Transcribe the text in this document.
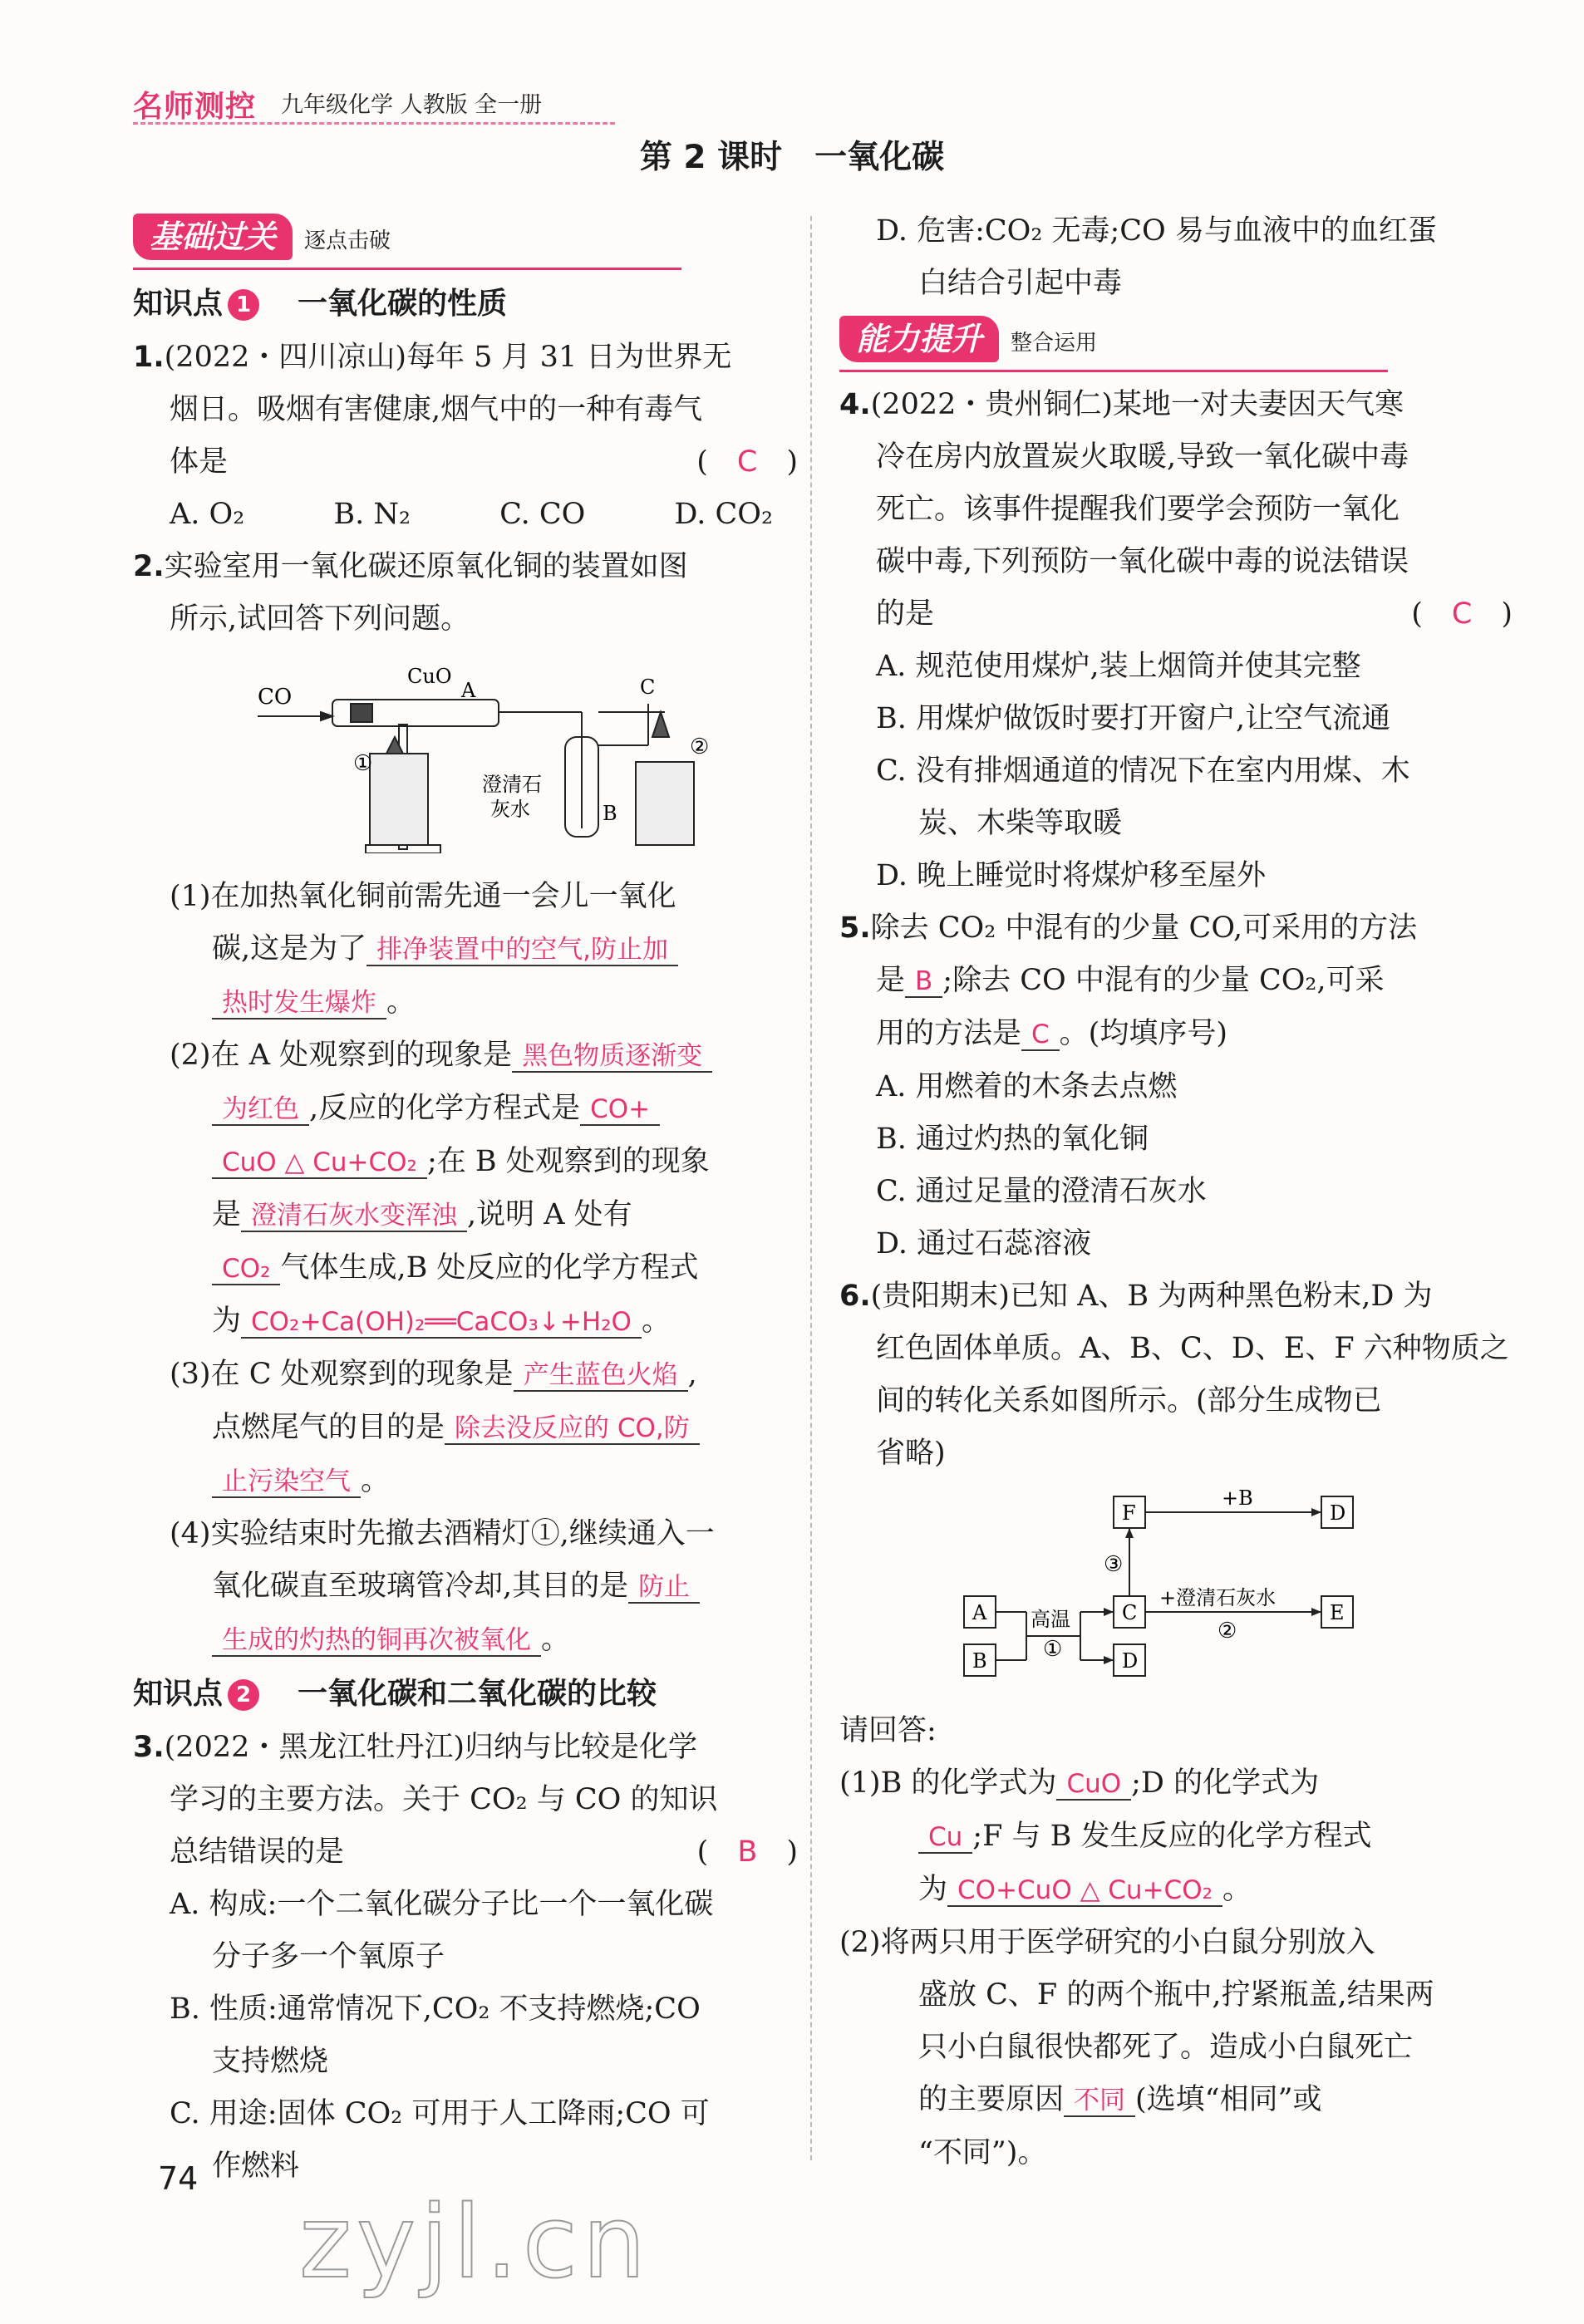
名师测控 九年级化学 人教版 全一册
第 2 课时　一氧化碳
基础过关 逐点击破
知识点 1 一氧化碳的性质

1.(2022・四川凉山)每年 5 月 31 日为世界无

烟日。吸烟有害健康,烟气中的一种有毒气

体是	(　C　)

A. O₂	B. N₂	C. CO	D. CO₂

2.实验室用一氧化碳还原氧化铜的装置如图

所示,试回答下列问题。

CO
CuO
A	C
B
①
②
澄清石
灰水

(1)在加热氧化铜前需先通一会儿一氧化

碳,这是为了 排净装置中的空气,防止加

热时发生爆炸 。

(2)在 A 处观察到的现象是 黑色物质逐渐变

为红色 ,反应的化学方程式是 CO+

CuO △ Cu+CO₂ ;在 B 处观察到的现象

是 澄清石灰水变浑浊 ,说明 A 处有

CO₂ 气体生成,B 处反应的化学方程式

为 CO₂+Ca(OH)₂══CaCO₃↓+H₂O 。

(3)在 C 处观察到的现象是 产生蓝色火焰 ,

点燃尾气的目的是 除去没反应的 CO,防

止污染空气 。

(4)实验结束时先撤去酒精灯①,继续通入一

氧化碳直至玻璃管冷却,其目的是 防止

生成的灼热的铜再次被氧化 。

知识点 2 一氧化碳和二氧化碳的比较

3.(2022・黑龙江牡丹江)归纳与比较是化学

学习的主要方法。关于 CO₂ 与 CO 的知识

总结错误的是	(　B　)

A. 构成:一个二氧化碳分子比一个一氧化碳

分子多一个氧原子

B. 性质:通常情况下,CO₂ 不支持燃烧;CO

支持燃烧

C. 用途:固体 CO₂ 可用于人工降雨;CO 可

作燃料

D. 危害:CO₂ 无毒;CO 易与血液中的血红蛋

白结合引起中毒

能力提升 整合运用

4.(2022・贵州铜仁)某地一对夫妻因天气寒

冷在房内放置炭火取暖,导致一氧化碳中毒

死亡。该事件提醒我们要学会预防一氧化

碳中毒,下列预防一氧化碳中毒的说法错误

的是	(　C　)

A. 规范使用煤炉,装上烟筒并使其完整

B. 用煤炉做饭时要打开窗户,让空气流通

C. 没有排烟通道的情况下在室内用煤、木

炭、木柴等取暖

D. 晚上睡觉时将煤炉移至屋外

5.除去 CO₂ 中混有的少量 CO,可采用的方法

是 B ;除去 CO 中混有的少量 CO₂,可采

用的方法是 C 。(均填序号)

A. 用燃着的木条去点燃

B. 通过灼热的氧化铜

C. 通过足量的澄清石灰水

D. 通过石蕊溶液

6.(贵阳期末)已知 A、B 为两种黑色粉末,D 为

红色固体单质。A、B、C、D、E、F 六种物质之

间的转化关系如图所示。(部分生成物已

省略)

A
B
C
F
D
D
E
高温
①
②
③
+B
+澄清石灰水

请回答:

(1)B 的化学式为 CuO ;D 的化学式为

Cu ;F 与 B 发生反应的化学方程式

为 CO+CuO △ Cu+CO₂ 。

(2)将两只用于医学研究的小白鼠分别放入

盛放 C、F 的两个瓶中,拧紧瓶盖,结果两

只小白鼠很快都死了。造成小白鼠死亡

的主要原因 不同 (选填“相同”或

“不同”)。

74
zyjl.cn
